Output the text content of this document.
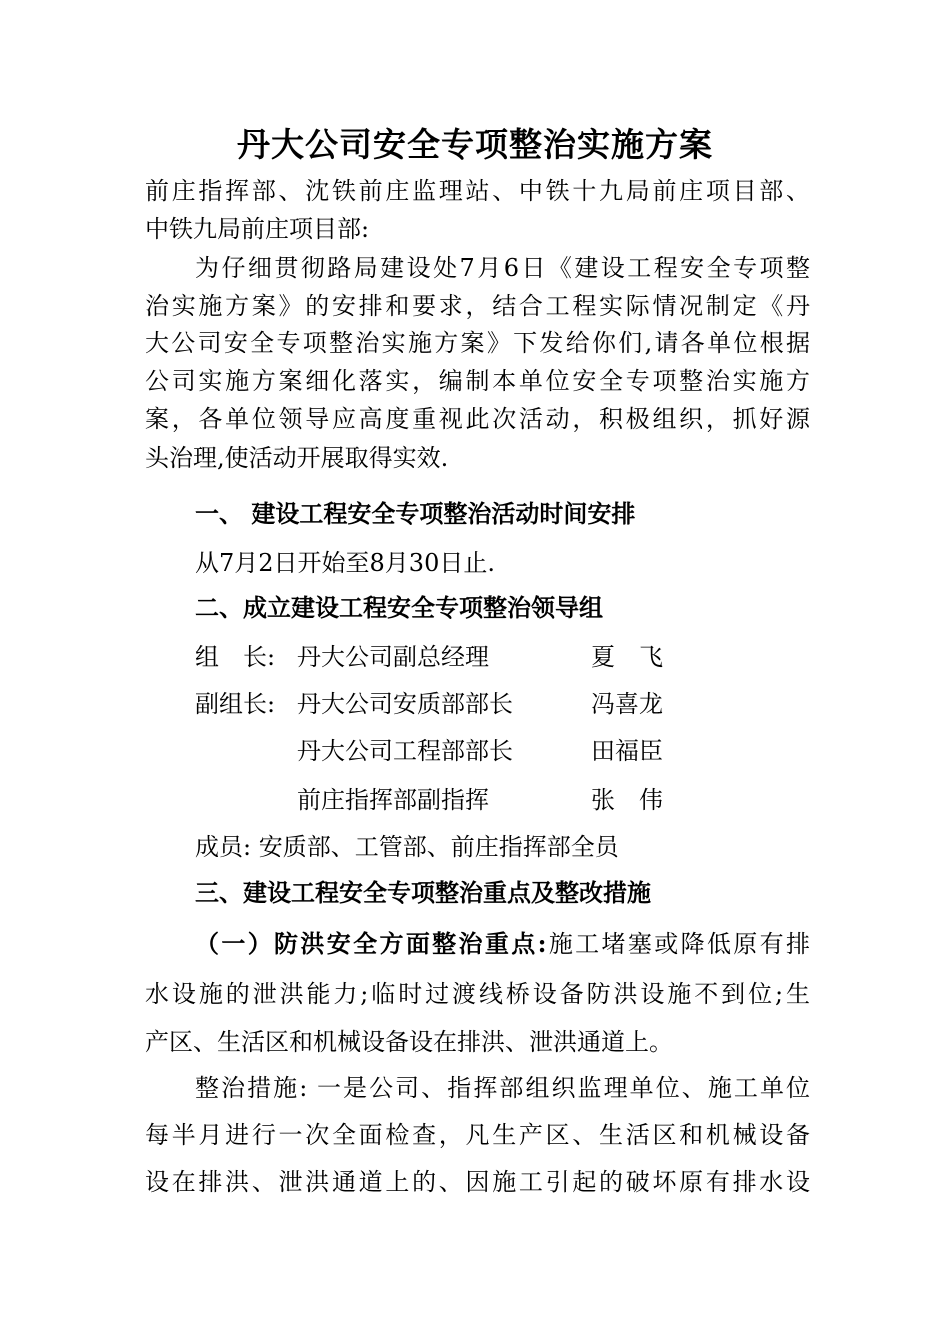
丹大公司安全专项整治实施方案
前庄指挥部、沈铁前庄监理站、中铁十九局前庄项目部、
中铁九局前庄项目部:
为仔细贯彻路局建设处7月6日《建设工程安全专项整
治实施方案》的安排和要求，结合工程实际情况制定《丹
大公司安全专项整治实施方案》下发给你们,请各单位根据
公司实施方案细化落实，编制本单位安全专项整治实施方
案，各单位领导应高度重视此次活动，积极组织，抓好源
头治理,使活动开展取得实效.
一、 建设工程安全专项整治活动时间安排
从7月2日开始至8月30日止.
二、成立建设工程安全专项整治领导组
组　长: 丹大公司副总经理	夏　飞
副组长: 丹大公司安质部部长	冯喜龙
丹大公司工程部部长	田福臣
前庄指挥部副指挥	张　伟
成员: 安质部、工管部、前庄指挥部全员
三、建设工程安全专项整治重点及整改措施
（一）防洪安全方面整治重点:施工堵塞或降低原有排
水设施的泄洪能力;临时过渡线桥设备防洪设施不到位;生
产区、生活区和机械设备设在排洪、泄洪通道上。
整治措施: 一是公司、指挥部组织监理单位、施工单位
每半月进行一次全面检查，凡生产区、生活区和机械设备
设在排洪、泄洪通道上的、因施工引起的破坏原有排水设
